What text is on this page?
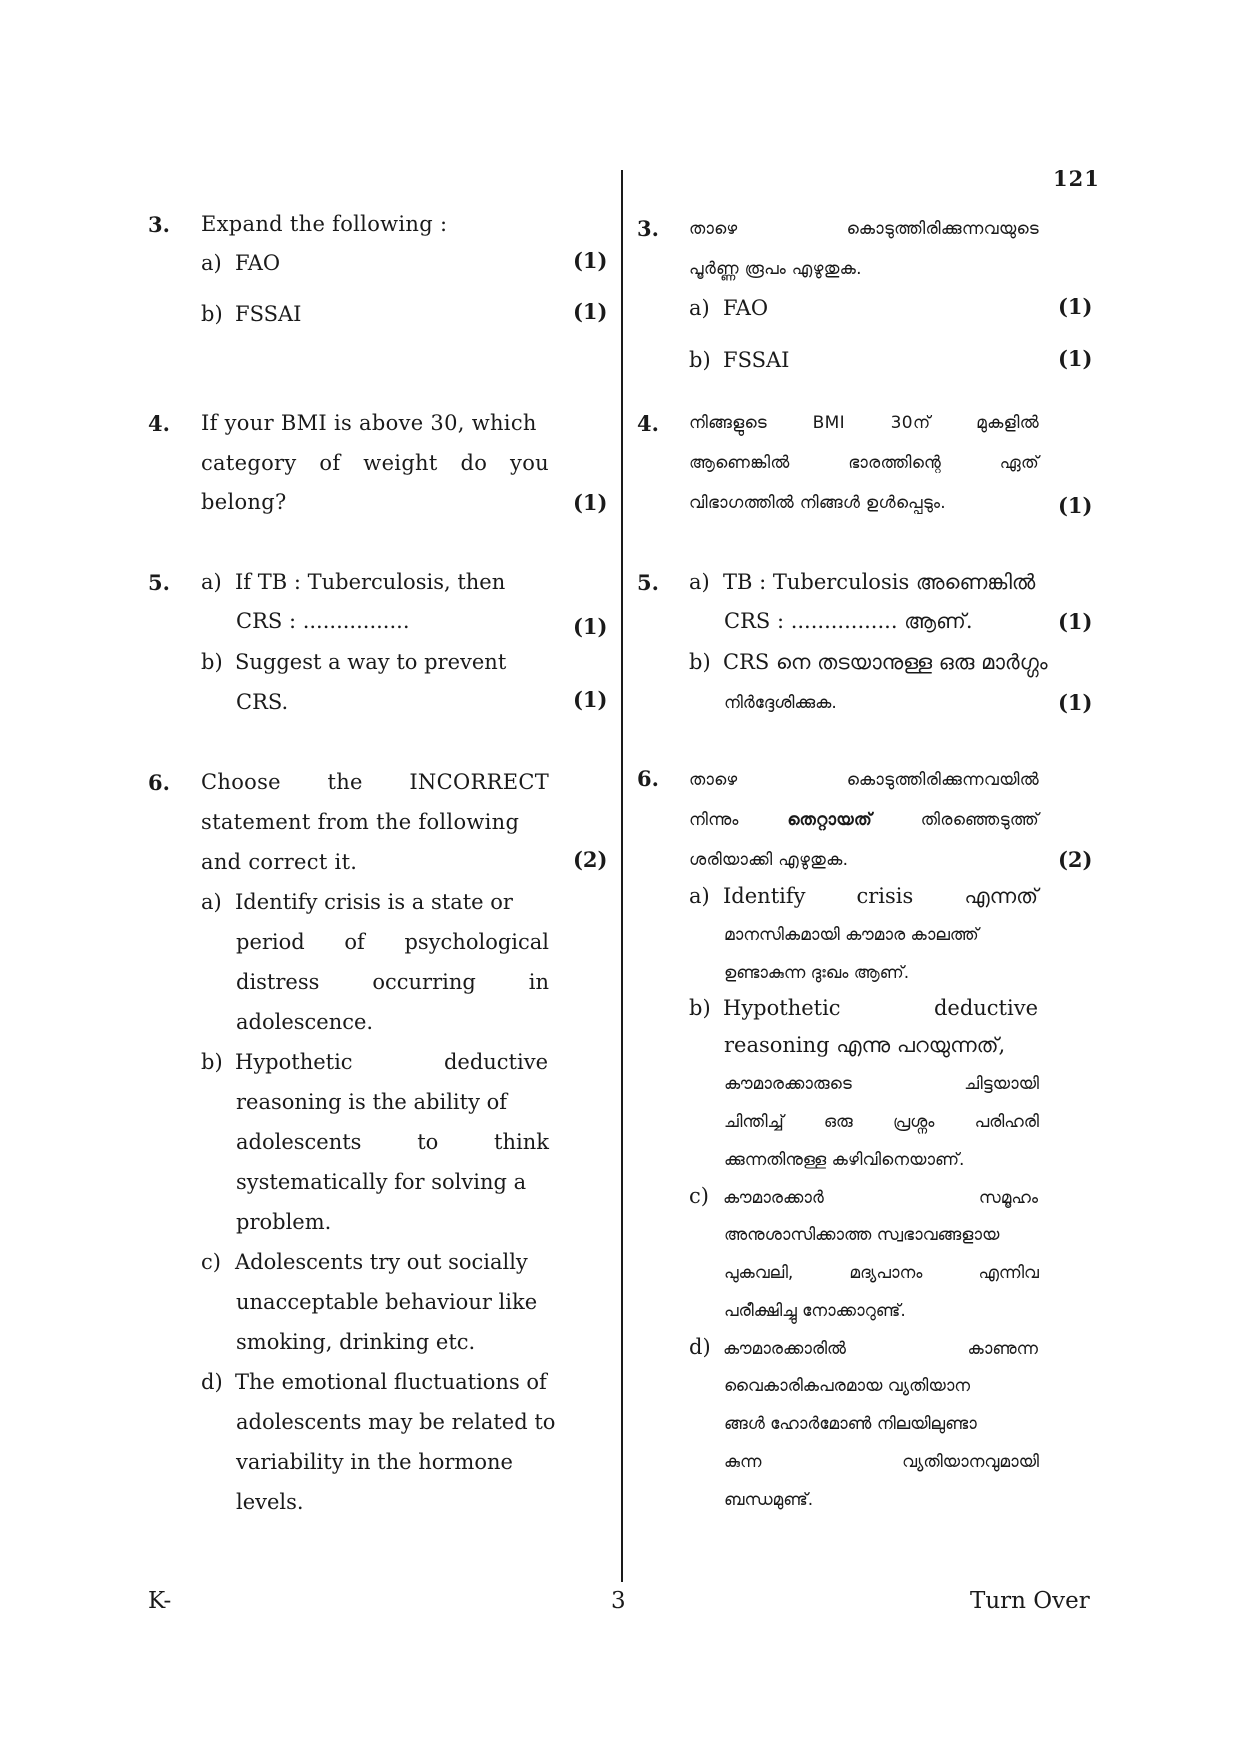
121
3. Expand the following :
a) FAO	(1)
b) FSSAI	(1)
4. If your BMI is above 30, which
category of weight do you
belong?	(1)
5. a) If TB : Tuberculosis, then
CRS : ................	(1)
b) Suggest a way to prevent
CRS.	(1)
6. Choose the INCORRECT
statement from the following
and correct it.	(2)
a) Identify crisis is a state or
period of psychological
distress occurring in
adolescence.
b) Hypothetic deductive
reasoning is the ability of
adolescents to think
systematically for solving a
problem.
c) Adolescents try out socially
unacceptable behaviour like
smoking, drinking etc.
d) The emotional fluctuations of
adolescents may be related to
variability in the hormone
levels.
3. താഴെ കൊടുത്തിരിക്കുന്നവയുടെ
പൂർണ്ണ രൂപം എഴുതുക.
a) FAO	(1)
b) FSSAI	(1)
4. നിങ്ങളുടെ BMI 30ന് മുകളിൽ
ആണെങ്കിൽ ഭാരത്തിന്റെ ഏത്
വിഭാഗത്തിൽ നിങ്ങൾ ഉൾപ്പെടും.	(1)
5. a) TB : Tuberculosis അണെങ്കിൽ
CRS : ................ ആണ്.	(1)
b) CRS നെ തടയാനുള്ള ഒരു മാർഗ്ഗം
നിർദ്ദേശിക്കുക.	(1)
6. താഴെ കൊടുത്തിരിക്കുന്നവയിൽ
നിന്നും	തെറ്റായത്	തിരഞ്ഞെടുത്ത്
ശരിയാക്കി എഴുതുക.	(2)
a) Identify crisis എന്നത്
മാനസികമായി കൗമാര കാലത്ത്
ഉണ്ടാകുന്ന ദുഃഖം ആണ്.
b) Hypothetic deductive
reasoning എന്നു പറയുന്നത്,
കൗമാരക്കാരുടെ ചിട്ടയായി
ചിന്തിച്ച് ഒരു പ്രശ്നം പരിഹരി
ക്കുന്നതിനുള്ള കഴിവിനെയാണ്.
c) കൗമാരക്കാർ സമൂഹം
അനുശാസിക്കാത്ത സ്വഭാവങ്ങളായ
പുകവലി, മദ്യപാനം എന്നിവ
പരീക്ഷിച്ചു നോക്കാറുണ്ട്.
d) കൗമാരക്കാരിൽ കാണുന്ന
വൈകാരികപരമായ വ്യതിയാന
ങ്ങൾ ഹോർമോൺ നിലയിലുണ്ടാ
കുന്ന വ്യതിയാനവുമായി
ബന്ധമുണ്ട്.
K-	3	Turn Over
